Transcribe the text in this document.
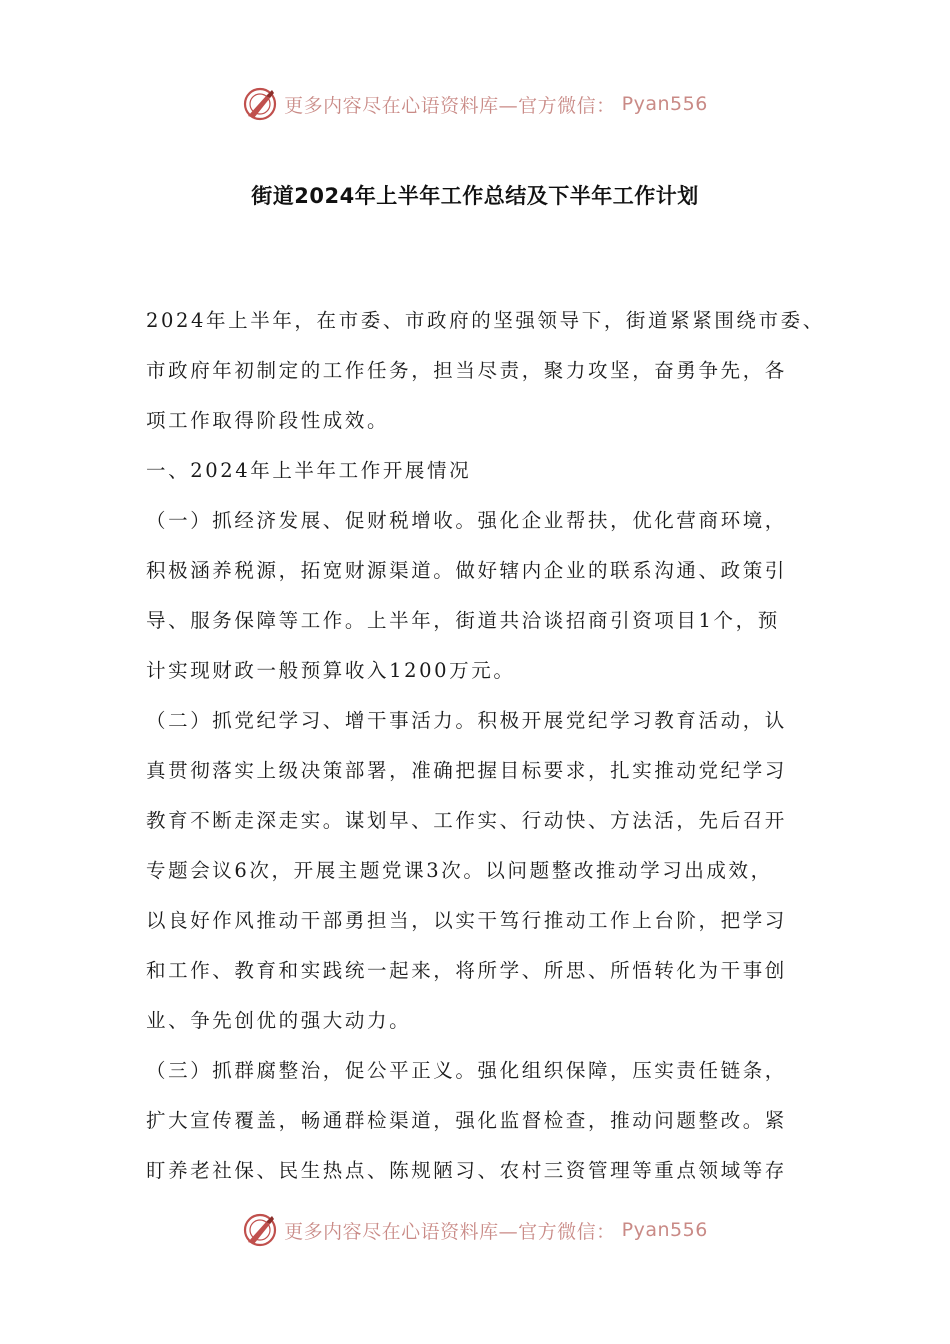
更多内容尽在心语资料库—官方微信： Pyan556
街道2024年上半年工作总结及下半年工作计划
2024年上半年，在市委、市政府的坚强领导下，街道紧紧围绕市委、
市政府年初制定的工作任务，担当尽责，聚力攻坚，奋勇争先，各
项工作取得阶段性成效。
一、2024年上半年工作开展情况
（一）抓经济发展、促财税增收。强化企业帮扶，优化营商环境，
积极涵养税源，拓宽财源渠道。做好辖内企业的联系沟通、政策引
导、服务保障等工作。上半年，街道共洽谈招商引资项目1个，预
计实现财政一般预算收入1200万元。
（二）抓党纪学习、增干事活力。积极开展党纪学习教育活动，认
真贯彻落实上级决策部署，准确把握目标要求，扎实推动党纪学习
教育不断走深走实。谋划早、工作实、行动快、方法活，先后召开
专题会议6次，开展主题党课3次。以问题整改推动学习出成效，
以良好作风推动干部勇担当，以实干笃行推动工作上台阶，把学习
和工作、教育和实践统一起来，将所学、所思、所悟转化为干事创
业、争先创优的强大动力。
（三）抓群腐整治，促公平正义。强化组织保障，压实责任链条，
扩大宣传覆盖，畅通群检渠道，强化监督检查，推动问题整改。紧
盯养老社保、民生热点、陈规陋习、农村三资管理等重点领域等存
更多内容尽在心语资料库—官方微信： Pyan556
